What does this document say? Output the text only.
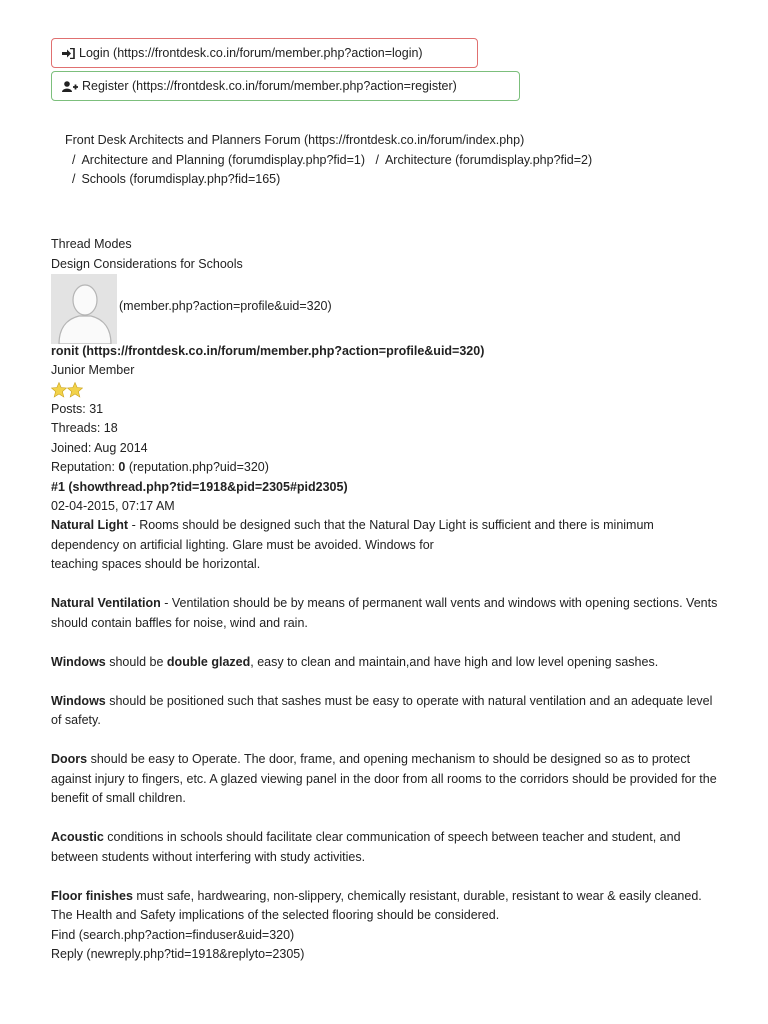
Login (https://frontdesk.co.in/forum/member.php?action=login)
Register (https://frontdesk.co.in/forum/member.php?action=register)
Front Desk Architects and Planners Forum (https://frontdesk.co.in/forum/index.php)
/ Architecture and Planning (forumdisplay.php?fid=1) / Architecture (forumdisplay.php?fid=2)
/ Schools (forumdisplay.php?fid=165)
Thread Modes
Design Considerations for Schools
(member.php?action=profile&uid=320)
ronit (https://frontdesk.co.in/forum/member.php?action=profile&uid=320)
Junior Member
Posts: 31
Threads: 18
Joined: Aug 2014
Reputation: 0 (reputation.php?uid=320)
#1 (showthread.php?tid=1918&pid=2305#pid2305)
02-04-2015, 07:17 AM

Natural Light - Rooms should be designed such that the Natural Day Light is sufficient and there is minimum dependency on artificial lighting. Glare must be avoided. Windows for
teaching spaces should be horizontal.

Natural Ventilation - Ventilation should be by means of permanent wall vents and windows with opening sections. Vents should contain baffles for noise, wind and rain.

Windows should be double glazed, easy to clean and maintain,and have high and low level opening sashes.

Windows should be positioned such that sashes must be easy to operate with natural ventilation and an adequate level of safety.

Doors should be easy to Operate. The door, frame, and opening mechanism to should be designed so as to protect against injury to fingers, etc. A glazed viewing panel in the door from all rooms to the corridors should be provided for the benefit of small children.

Acoustic conditions in schools should facilitate clear communication of speech between teacher and student, and between students without interfering with study activities.

Floor finishes must safe, hardwearing, non-slippery, chemically resistant, durable, resistant to wear & easily cleaned. The Health and Safety implications of the selected flooring should be considered.

Find (search.php?action=finduser&uid=320)
Reply (newreply.php?tid=1918&replyto=2305)
